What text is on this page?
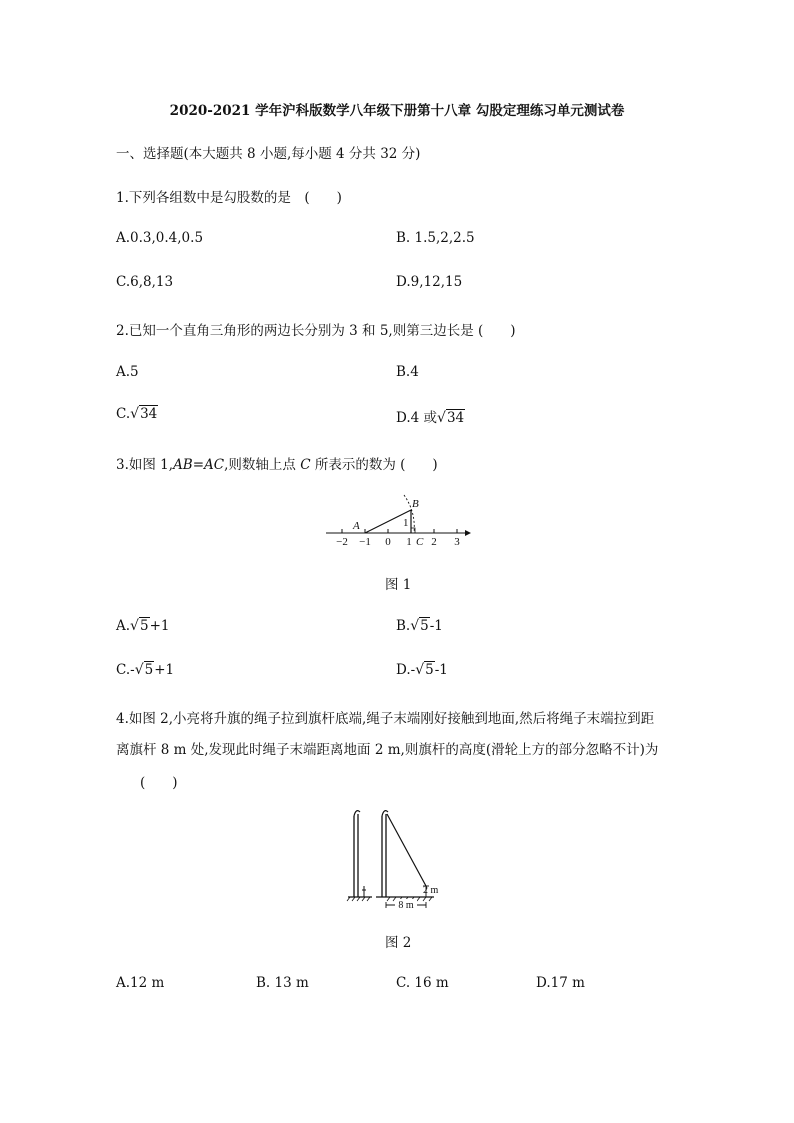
2020-2021 学年沪科版数学八年级下册第十八章 勾股定理练习单元测试卷
一、选择题(本大题共 8 小题,每小题 4 分共 32 分)
1.下列各组数中是勾股数的是　(　　)
A.0.3,0.4,0.5	B. 1.5,2,2.5
C.6,8,13	D.9,12,15
2.已知一个直角三角形的两边长分别为 3 和 5,则第三边长是 (　　)
A.5	B.4
C.√34	D.4 或√34
3.如图 1,AB=AC,则数轴上点 C 所表示的数为 (　　)
−2 −1 0 1 2 3
A
B
C
1
图 1
A.√5+1	B.√5-1
C.-√5+1	D.-√5-1
4.如图 2,小亮将升旗的绳子拉到旗杆底端,绳子末端刚好接触到地面,然后将绳子末端拉到距
离旗杆 8 m 处,发现此时绳子末端距离地面 2 m,则旗杆的高度(滑轮上方的部分忽略不计)为
(　　)
2 m
8 m
图 2
A.12 m	B. 13 m	C. 16 m	D.17 m
